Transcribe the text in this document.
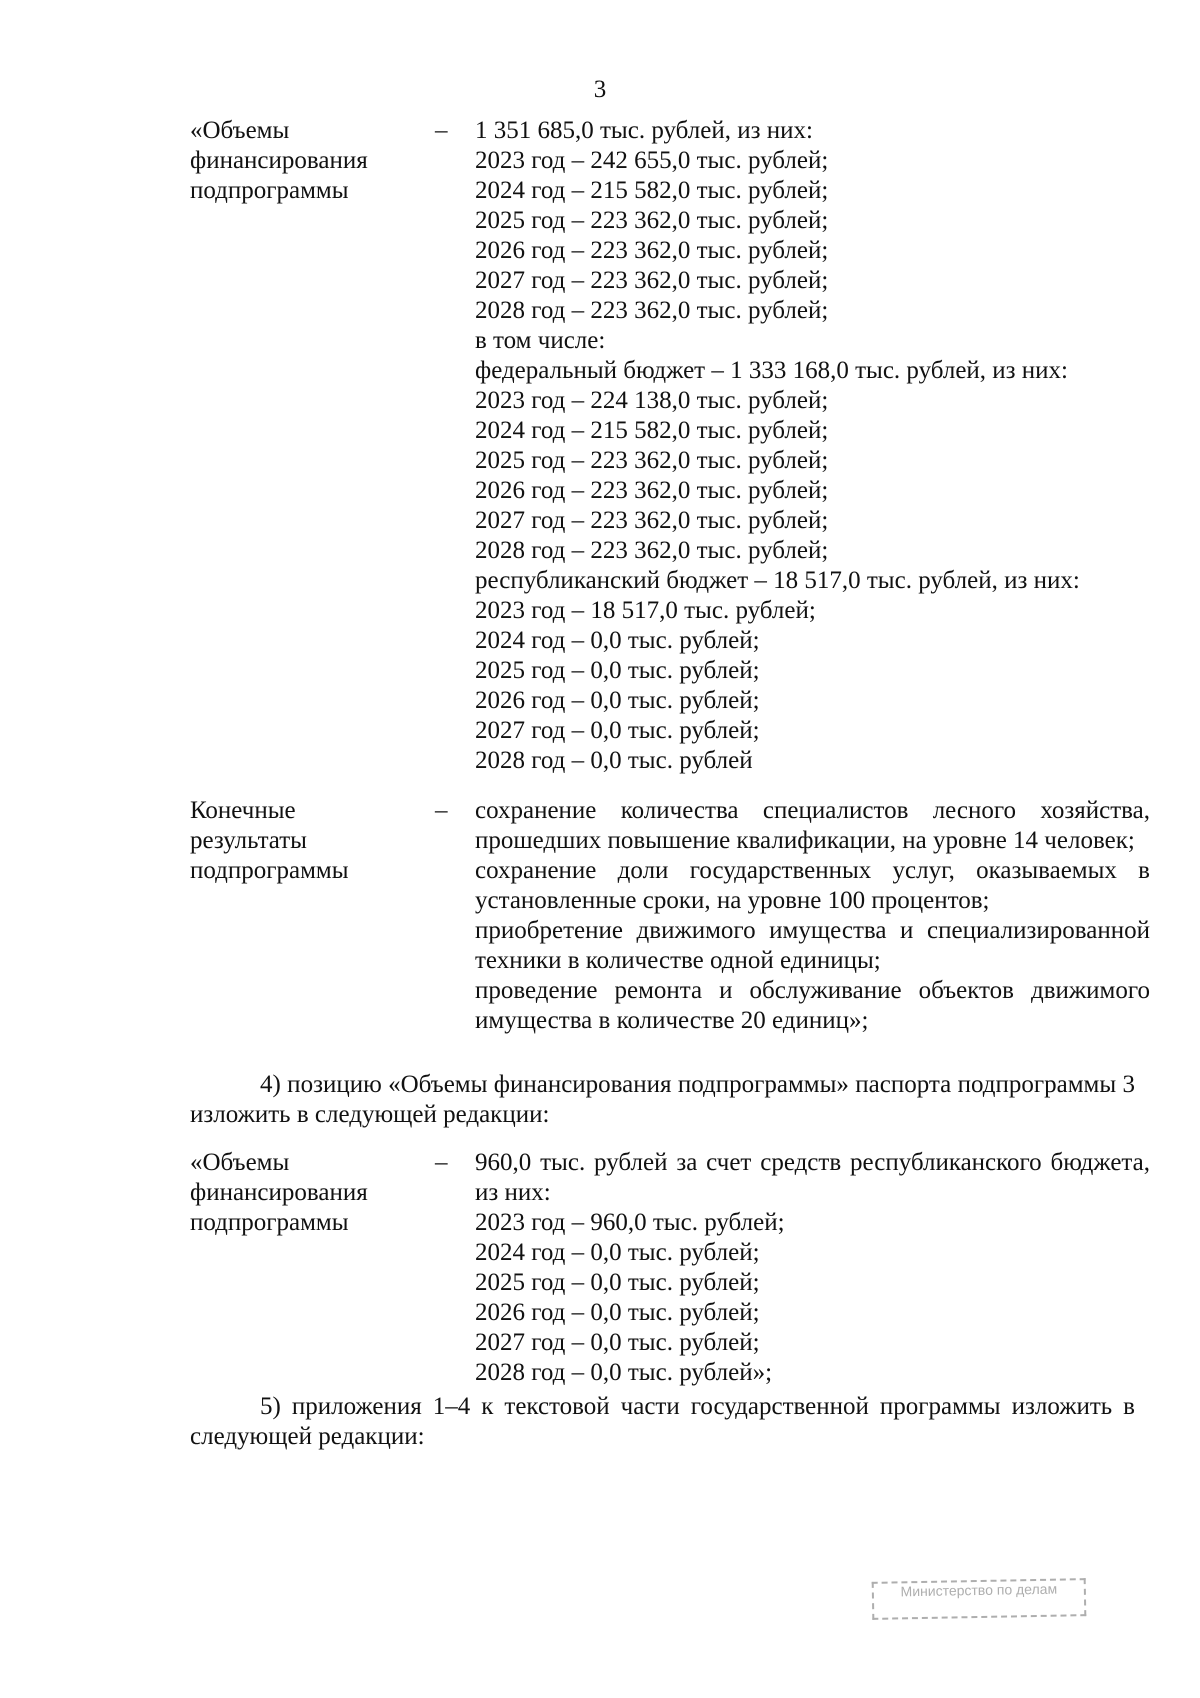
3
«Объемы
финансирования
подпрограммы
–	1 351 685,0 тыс. рублей, из них:
2023 год – 242 655,0 тыс. рублей;
2024 год – 215 582,0 тыс. рублей;
2025 год – 223 362,0 тыс. рублей;
2026 год – 223 362,0 тыс. рублей;
2027 год – 223 362,0 тыс. рублей;
2028 год – 223 362,0 тыс. рублей;
в том числе:
федеральный бюджет – 1 333 168,0 тыс. рублей, из них:
2023 год – 224 138,0 тыс. рублей;
2024 год – 215 582,0 тыс. рублей;
2025 год – 223 362,0 тыс. рублей;
2026 год – 223 362,0 тыс. рублей;
2027 год – 223 362,0 тыс. рублей;
2028 год – 223 362,0 тыс. рублей;
республиканский бюджет – 18 517,0 тыс. рублей, из них:
2023 год – 18 517,0 тыс. рублей;
2024 год – 0,0 тыс. рублей;
2025 год – 0,0 тыс. рублей;
2026 год – 0,0 тыс. рублей;
2027 год – 0,0 тыс. рублей;
2028 год – 0,0 тыс. рублей
Конечные
результаты
подпрограммы
–	сохранение количества специалистов лесного хозяйства, прошедших повышение квалификации, на уровне 14 человек;
сохранение доли государственных услуг, оказываемых в установленные сроки, на уровне 100 процентов;
приобретение движимого имущества и специализированной техники в количестве одной единицы;
проведение ремонта и обслуживание объектов движимого имущества в количестве 20 единиц»;
4) позицию «Объемы финансирования подпрограммы» паспорта подпрограммы 3 изложить в следующей редакции:
«Объемы
финансирования
подпрограммы
–	960,0 тыс. рублей за счет средств республиканского бюджета, из них:
2023 год – 960,0 тыс. рублей;
2024 год – 0,0 тыс. рублей;
2025 год – 0,0 тыс. рублей;
2026 год – 0,0 тыс. рублей;
2027 год – 0,0 тыс. рублей;
2028 год – 0,0 тыс. рублей»;
5) приложения 1–4 к текстовой части государственной программы изложить в следующей редакции:
Министерство по делам
